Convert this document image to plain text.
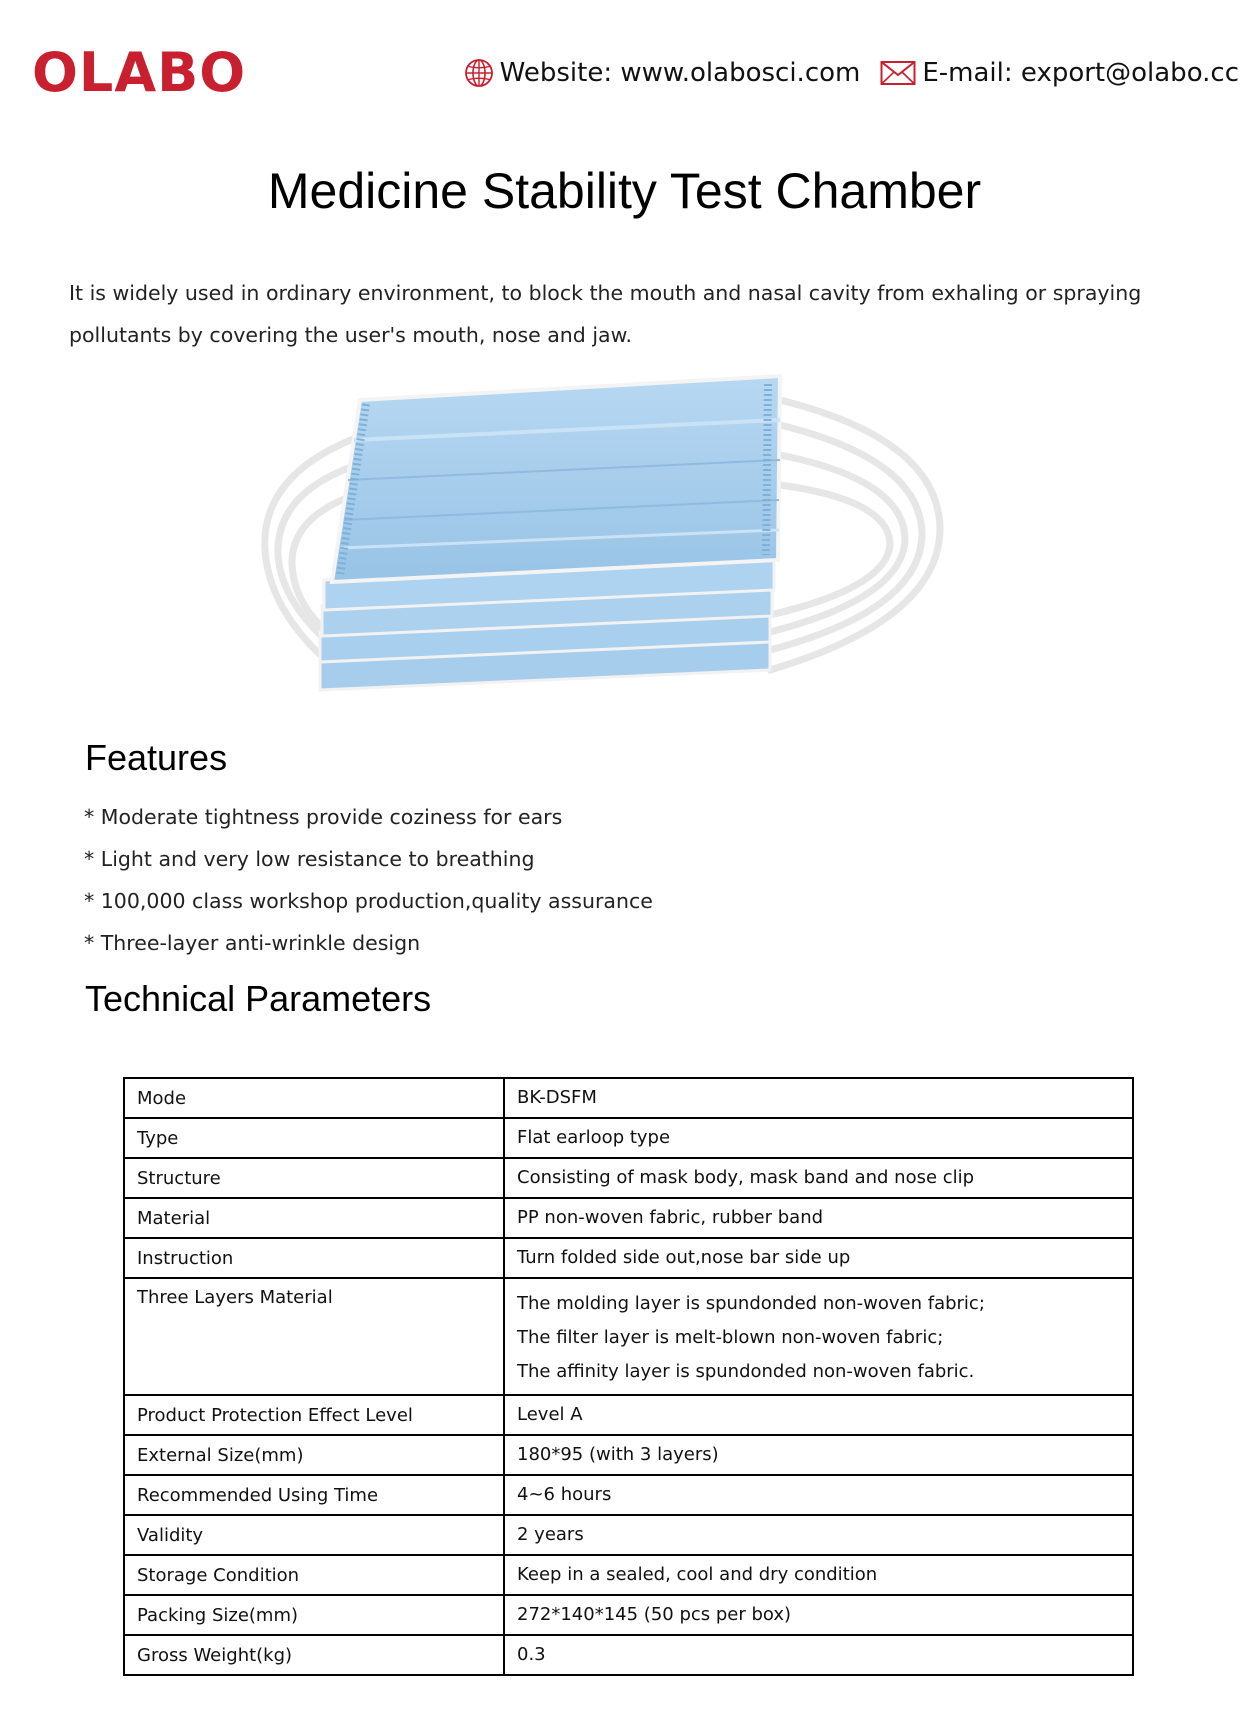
OLABO	Website: www.olabosci.com E-mail: export@olabo.cc
Medicine Stability Test Chamber

It is widely used in ordinary environment, to block the mouth and nasal cavity from exhaling or spraying pollutants by covering the user's mouth, nose and jaw.

Features
* Moderate tightness provide coziness for ears
* Light and very low resistance to breathing
* 100,000 class workshop production,quality assurance
* Three-layer anti-wrinkle design
Technical Parameters
Mode	BK-DSFM

Type	Flat earloop type

Structure	Consisting of mask body, mask band and nose clip

Material	PP non-woven fabric, rubber band

Instruction	Turn folded side out,nose bar side up

Three Layers Material	The molding layer is spundonded non-woven fabric;
The filter layer is melt-blown non-woven fabric;
The affinity layer is spundonded non-woven fabric.

Product Protection Effect Level	Level A

External Size(mm)	180*95 (with 3 layers)

Recommended Using Time	4~6 hours

Validity	2 years

Storage Condition	Keep in a sealed, cool and dry condition

Packing Size(mm)	272*140*145 (50 pcs per box)

Gross Weight(kg)	0.3
